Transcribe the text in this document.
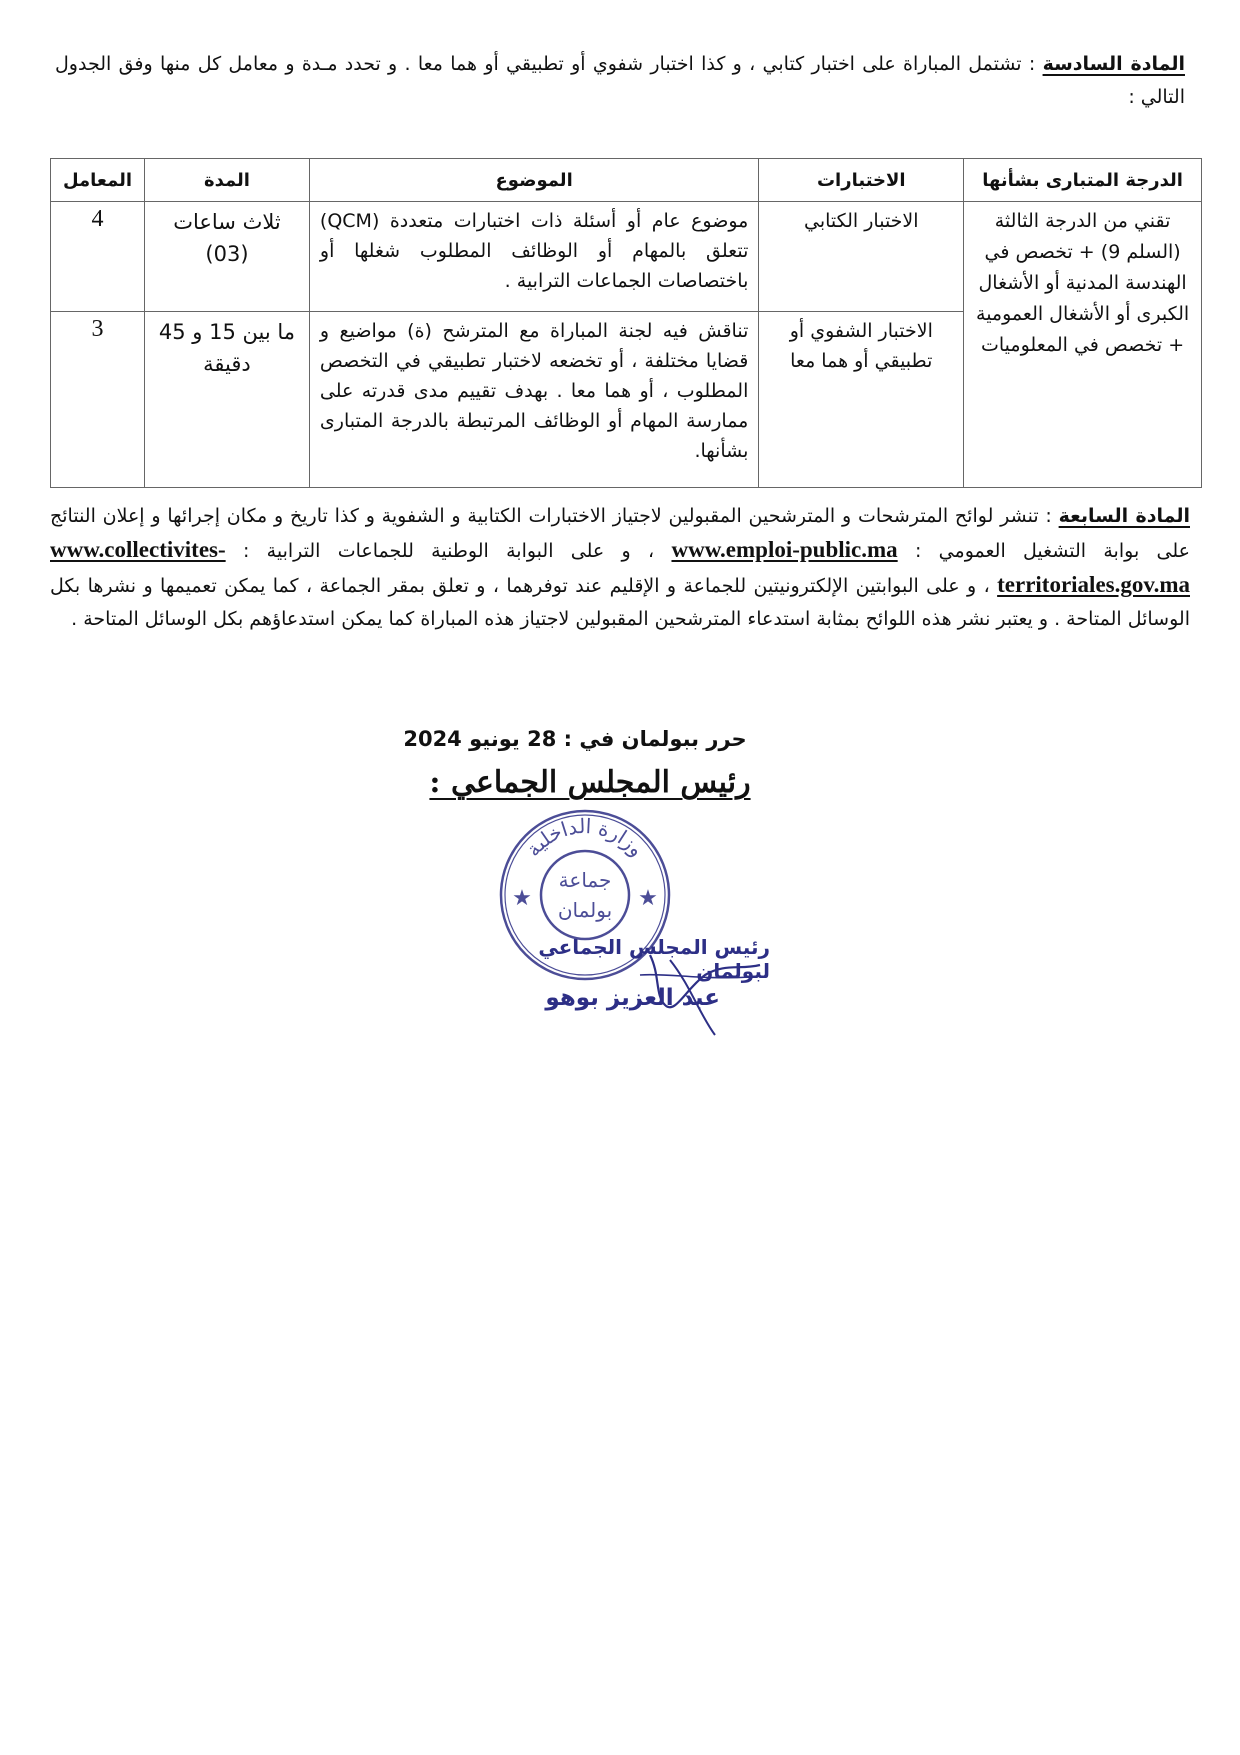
المادة السادسة : تشتمل المباراة على اختبار كتابي ، و كذا اختبار شفوي أو تطبيقي أو هما معا . و تحدد مـدة و معامل كل منها وفق الجدول التالي :
الدرجة المتبارى بشأنها	الاختبارات	الموضوع	المدة	المعامل
تقني من الدرجة الثالثة (السلم 9) + تخصص في الهندسة المدنية أو الأشغال الكبرى أو الأشغال العمومية + تخصص في المعلوميات	الاختبار الكتابي	موضوع عام أو أسئلة ذات اختبارات متعددة (QCM) تتعلق بالمهام أو الوظائف المطلوب شغلها أو باختصاصات الجماعات الترابية .	ثلاث ساعات (03)	4
	الاختبار الشفوي أو تطبيقي أو هما معا	تناقش فيه لجنة المباراة مع المترشح (ة) مواضيع و قضايا مختلفة ، أو تخضعه لاختبار تطبيقي في التخصص المطلوب ، أو هما معا . بهدف تقييم مدى قدرته على ممارسة المهام أو الوظائف المرتبطة بالدرجة المتبارى بشأنها.	ما بين 15 و 45 دقيقة	3
المادة السابعة : تنشر لوائح المترشحات و المترشحين المقبولين لاجتياز الاختبارات الكتابية و الشفوية و كذا تاريخ و مكان إجرائها و إعلان النتائج على بوابة التشغيل العمومي : www.emploi-public.ma ، و على البوابة الوطنية للجماعات الترابية : www.collectivites-territoriales.gov.ma ، و على البوابتين الإلكترونيتين للجماعة و الإقليم عند توفرهما ، و تعلق بمقر الجماعة ، كما يمكن تعميمها و نشرها بكل الوسائل المتاحة . و يعتبر نشر هذه اللوائح بمثابة استدعاء المترشحين المقبولين لاجتياز هذه المباراة كما يمكن استدعاؤهم بكل الوسائل المتاحة .
حرر ببولمان في : 28 يونيو 2024
رئيس المجلس الجماعي :
وزارة الداخلية
جماعة
بولمان
★	★
رئيس المجلس الجماعي لبولمان
عبد العزيز بوهو
